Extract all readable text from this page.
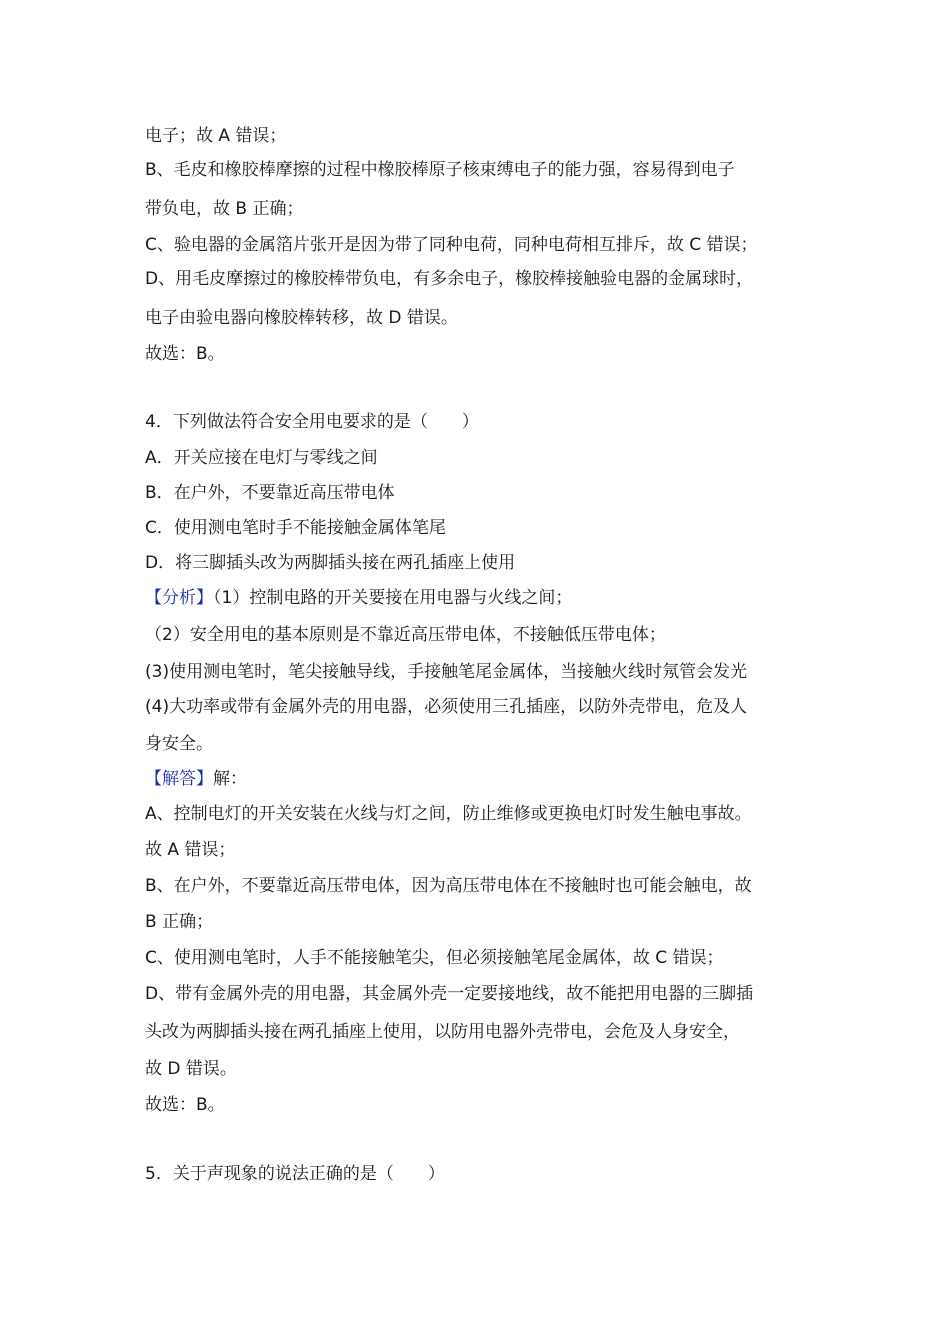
电子；故 A 错误；
B、毛皮和橡胶棒摩擦的过程中橡胶棒原子核束缚电子的能力强，容易得到电子
带负电，故 B 正确；
C、验电器的金属箔片张开是因为带了同种电荷，同种电荷相互排斥，故 C 错误；
D、用毛皮摩擦过的橡胶棒带负电，有多余电子，橡胶棒接触验电器的金属球时，
电子由验电器向橡胶棒转移，故 D 错误。
故选：B。
4．下列做法符合安全用电要求的是（　　）
A．开关应接在电灯与零线之间
B．在户外，不要靠近高压带电体
C．使用测电笔时手不能接触金属体笔尾
D．将三脚插头改为两脚插头接在两孔插座上使用
【分析】（1）控制电路的开关要接在用电器与火线之间；
（2）安全用电的基本原则是不靠近高压带电体，不接触低压带电体；
(3)使用测电笔时，笔尖接触导线，手接触笔尾金属体，当接触火线时氖管会发光
(4)大功率或带有金属外壳的用电器，必须使用三孔插座，以防外壳带电，危及人
身安全。
【解答】解：
A、控制电灯的开关安装在火线与灯之间，防止维修或更换电灯时发生触电事故。
故 A 错误；
B、在户外，不要靠近高压带电体，因为高压带电体在不接触时也可能会触电，故
B 正确；
C、使用测电笔时，人手不能接触笔尖，但必须接触笔尾金属体，故 C 错误；
D、带有金属外壳的用电器，其金属外壳一定要接地线，故不能把用电器的三脚插
头改为两脚插头接在两孔插座上使用，以防用电器外壳带电，会危及人身安全，
故 D 错误。
故选：B。
5．关于声现象的说法正确的是（　　）
